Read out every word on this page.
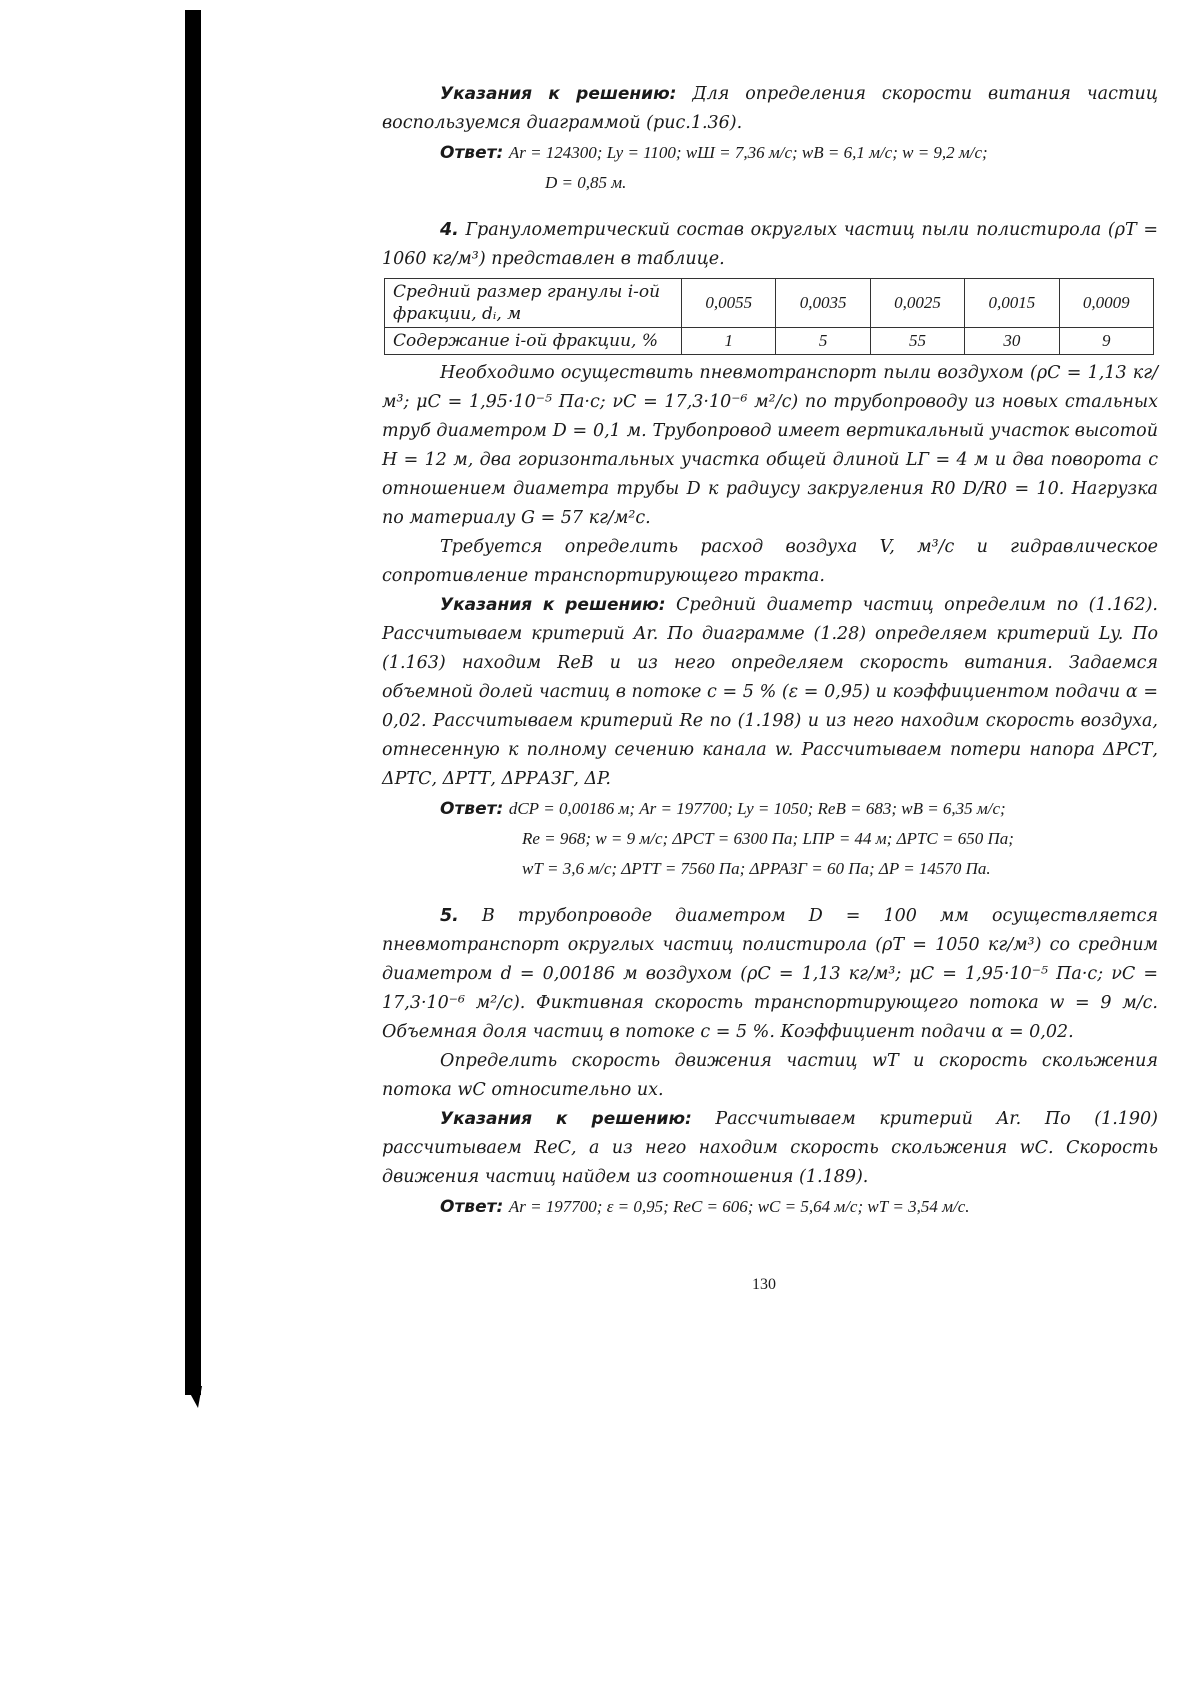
Указания к решению: Для определения скорости витания частиц воспользуемся диаграммой (рис.1.36).

Ответ: Ar = 124300; Ly = 1100; wШ = 7,36 м/с; wВ = 6,1 м/с; w = 9,2 м/с;

D = 0,85 м.

4. Гранулометрический состав округлых частиц пыли полистирола (ρТ = 1060 кг/м³) представлен в таблице.

Средний размер гранулы i-ой фракции, dᵢ, м	0,0055	0,0035	0,0025	0,0015	0,0009
Содержание i-ой фракции, %	1	5	55	30	9

Необходимо осуществить пневмотранспорт пыли воздухом (ρС = 1,13 кг/м³; μС = 1,95·10⁻⁵ Па·с; νС = 17,3·10⁻⁶ м²/с) по трубопроводу из новых стальных труб диаметром D = 0,1 м. Трубопровод имеет вертикальный участок высотой H = 12 м, два горизонтальных участка общей длиной LГ = 4 м и два поворота с отношением диаметра трубы D к радиусу закругления R0 D/R0 = 10. Нагрузка по материалу G = 57 кг/м²с.

Требуется определить расход воздуха V, м³/с и гидравлическое сопротивление транспортирующего тракта.

Указания к решению: Средний диаметр частиц определим по (1.162). Рассчитываем критерий Ar. По диаграмме (1.28) определяем критерий Ly. По (1.163) находим ReВ и из него определяем скорость витания. Задаемся объемной долей частиц в потоке c = 5 % (ε = 0,95) и коэффициентом подачи α = 0,02. Рассчитываем критерий Re по (1.198) и из него находим скорость воздуха, отнесенную к полному сечению канала w. Рассчитываем потери напора ΔPСТ, ΔPТС, ΔPТТ, ΔPРАЗГ, ΔP.

Ответ: dСР = 0,00186 м; Ar = 197700; Ly = 1050; ReВ = 683; wВ = 6,35 м/с;

Re = 968; w = 9 м/с; ΔPСТ = 6300 Па; LПР = 44 м; ΔPТС = 650 Па;

wТ = 3,6 м/с; ΔPТТ = 7560 Па; ΔPРАЗГ = 60 Па; ΔP = 14570 Па.

5. В трубопроводе диаметром D = 100 мм осуществляется пневмотранспорт округлых частиц полистирола (ρТ = 1050 кг/м³) со средним диаметром d = 0,00186 м воздухом (ρС = 1,13 кг/м³; μС = 1,95·10⁻⁵ Па·с; νС = 17,3·10⁻⁶ м²/с). Фиктивная скорость транспортирующего потока w = 9 м/с. Объемная доля частиц в потоке c = 5 %. Коэффициент подачи α = 0,02.

Определить скорость движения частиц wТ и скорость скольжения потока wС относительно их.

Указания к решению: Рассчитываем критерий Ar. По (1.190) рассчитываем ReС, а из него находим скорость скольжения wС. Скорость движения частиц найдем из соотношения (1.189).

Ответ: Ar = 197700; ε = 0,95; ReС = 606; wС = 5,64 м/с; wТ = 3,54 м/с.

130
